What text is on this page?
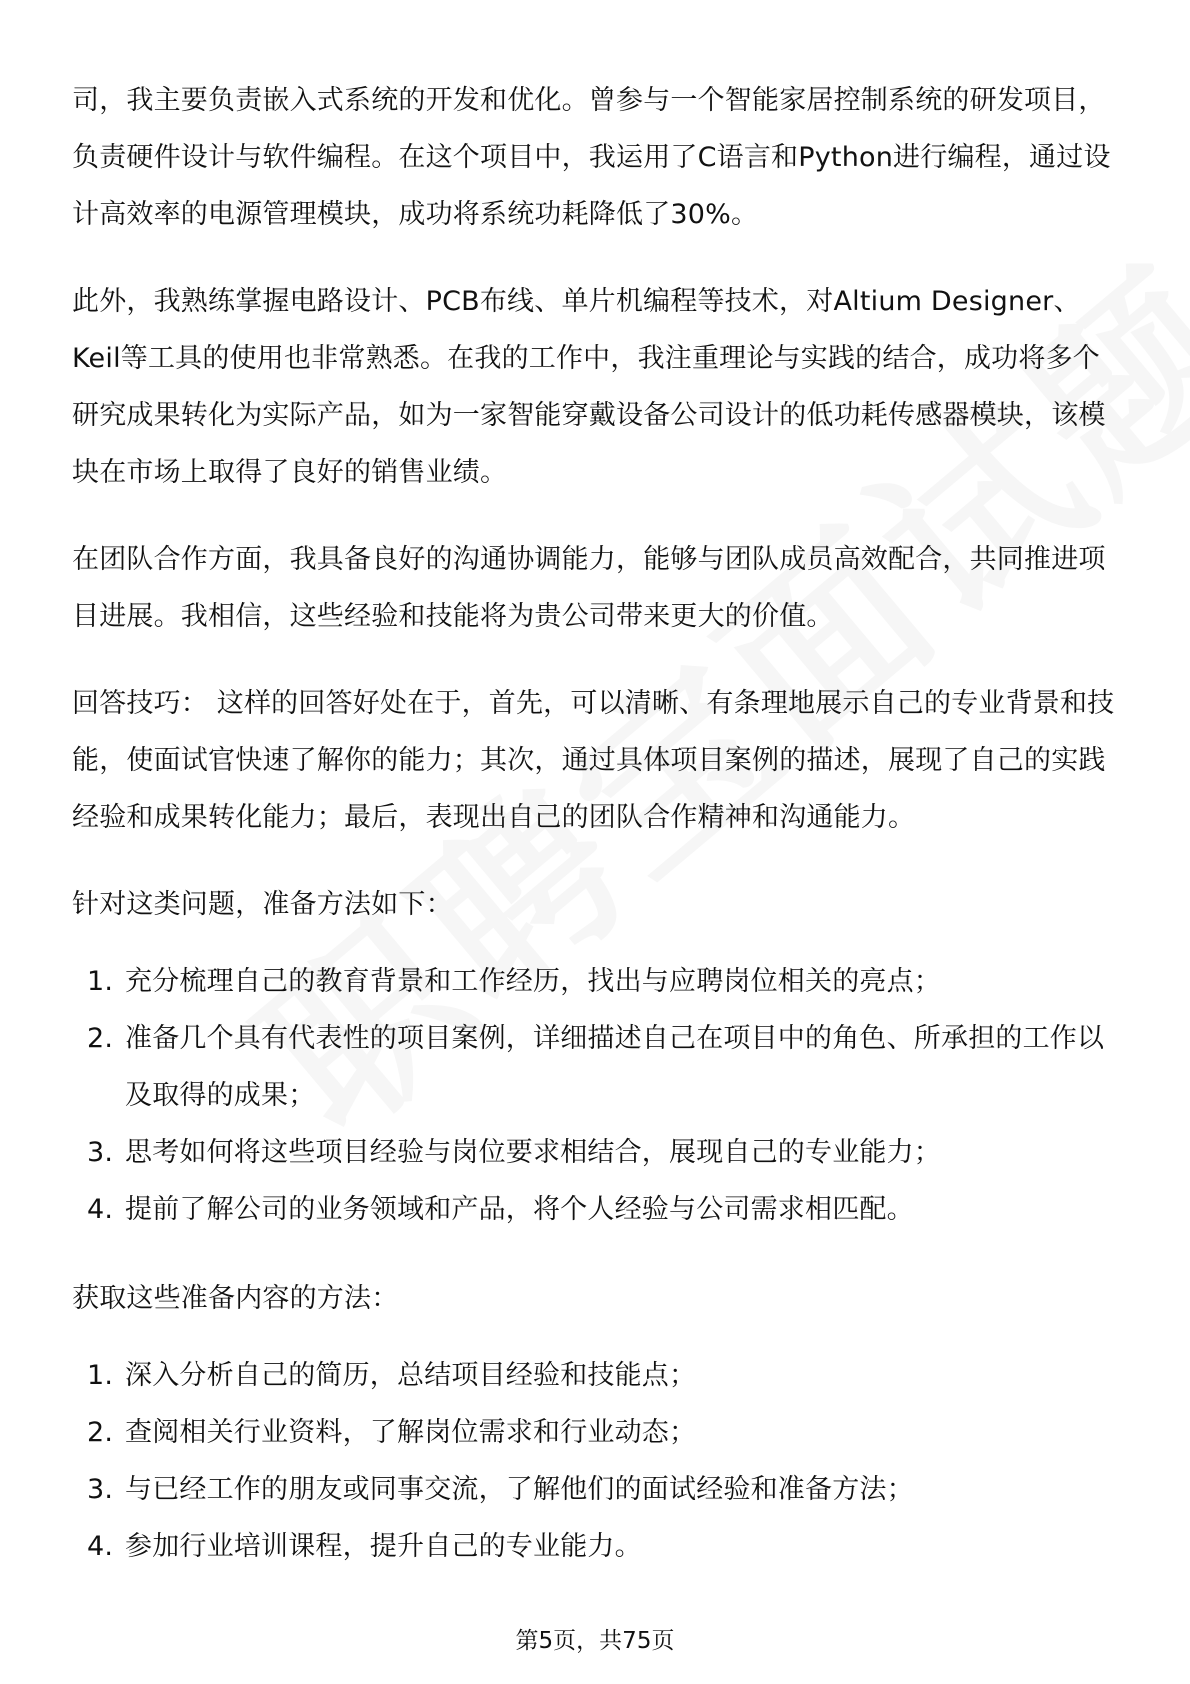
司，我主要负责嵌入式系统的开发和优化。曾参与一个智能家居控制系统的研发项目，负责硬件设计与软件编程。在这个项目中，我运用了C语言和Python进行编程，通过设计高效率的电源管理模块，成功将系统功耗降低了30%。

此外，我熟练掌握电路设计、PCB布线、单片机编程等技术，对Altium Designer、Keil等工具的使用也非常熟悉。在我的工作中，我注重理论与实践的结合，成功将多个研究成果转化为实际产品，如为一家智能穿戴设备公司设计的低功耗传感器模块，该模块在市场上取得了良好的销售业绩。

在团队合作方面，我具备良好的沟通协调能力，能够与团队成员高效配合，共同推进项目进展。我相信，这些经验和技能将为贵公司带来更大的价值。

回答技巧： 这样的回答好处在于，首先，可以清晰、有条理地展示自己的专业背景和技能，使面试官快速了解你的能力；其次，通过具体项目案例的描述，展现了自己的实践经验和成果转化能力；最后，表现出自己的团队合作精神和沟通能力。

针对这类问题，准备方法如下：

1. 充分梳理自己的教育背景和工作经历，找出与应聘岗位相关的亮点；
2. 准备几个具有代表性的项目案例，详细描述自己在项目中的角色、所承担的工作以及取得的成果；
3. 思考如何将这些项目经验与岗位要求相结合，展现自己的专业能力；
4. 提前了解公司的业务领域和产品，将个人经验与公司需求相匹配。

获取这些准备内容的方法：

1. 深入分析自己的简历，总结项目经验和技能点；
2. 查阅相关行业资料，了解岗位需求和行业动态；
3. 与已经工作的朋友或同事交流，了解他们的面试经验和准备方法；
4. 参加行业培训课程，提升自己的专业能力。
第5页，共75页
